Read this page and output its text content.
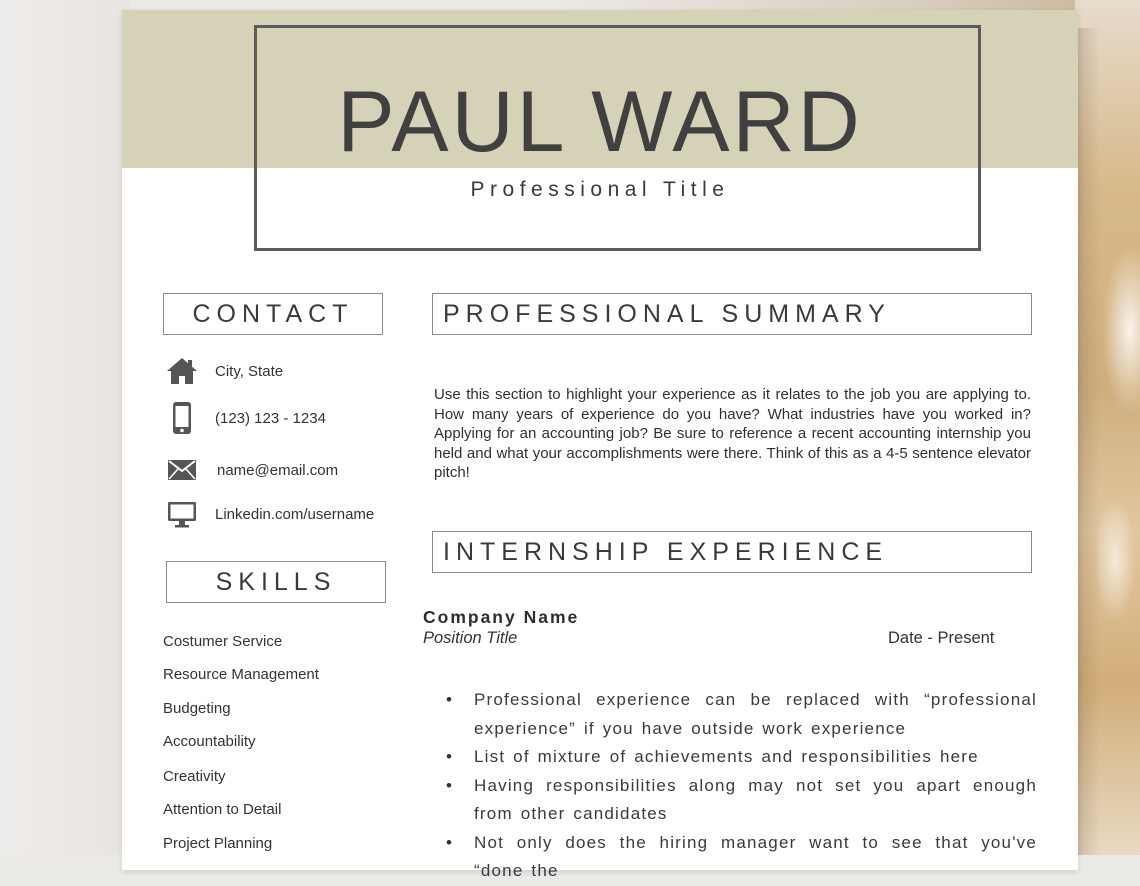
PAUL WARD
Professional Title
CONTACT
City, State
(123) 123 - 1234
name@email.com
Linkedin.com/username
SKILLS
Costumer Service
Resource Management
Budgeting
Accountability
Creativity
Attention to Detail
Project Planning
PROFESSIONAL SUMMARY
Use this section to highlight your experience as it relates to the job you are applying to. How many years of experience do you have? What industries have you worked in? Applying for an accounting job? Be sure to reference a recent accounting internship you held and what your accomplishments were there. Think of this as a 4-5 sentence elevator pitch!
INTERNSHIP EXPERIENCE
Company Name
Position Title	Date - Present
• Professional experience can be replaced with “professional experience” if you have outside work experience
• List of mixture of achievements and responsibilities here
• Having responsibilities along may not set you apart enough from other candidates
• Not only does the hiring manager want to see that you've “done the
